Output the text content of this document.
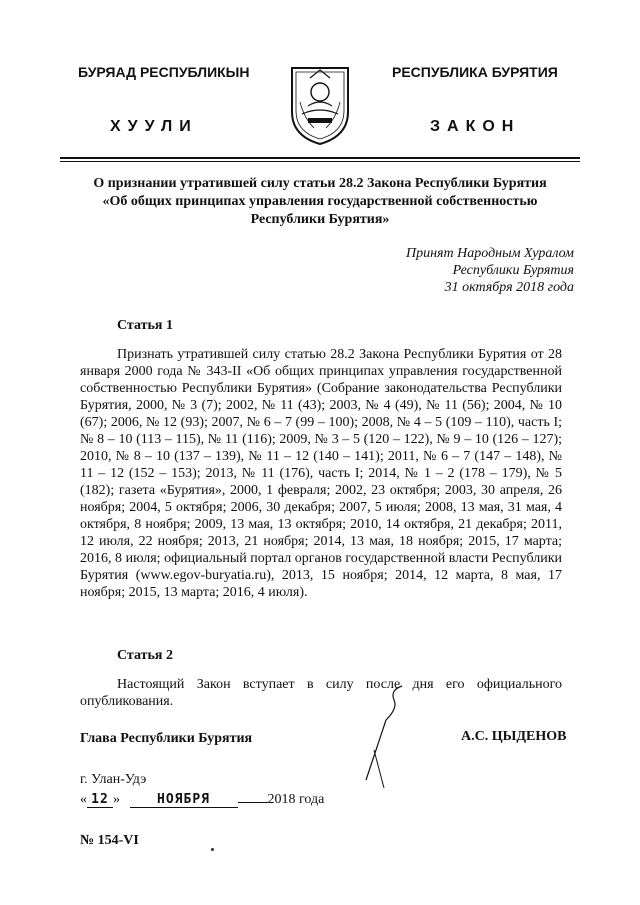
БУРЯАД РЕСПУБЛИКЫН
ХУУЛИ
РЕСПУБЛИКА БУРЯТИЯ
ЗАКОН
О признании утратившей силу статьи 28.2 Закона Республики Бурятия
«Об общих принципах управления государственной собственностью
Республики Бурятия»
Принят Народным Хуралом
Республики Бурятия
31 октября 2018 года
Статья 1
Признать утратившей силу статью 28.2 Закона Республики Бурятия от 28 января 2000 года № 343-II «Об общих принципах управления государственной собственностью Республики Бурятия» (Собрание законодательства Республики Бурятия, 2000, № 3 (7); 2002, № 11 (43); 2003, № 4 (49), № 11 (56); 2004, № 10 (67); 2006, № 12 (93); 2007, № 6 – 7 (99 – 100); 2008, № 4 – 5 (109 – 110), часть I; № 8 – 10 (113 – 115), № 11 (116); 2009, № 3 – 5 (120 – 122), № 9 – 10 (126 – 127); 2010, № 8 – 10 (137 – 139), № 11 – 12 (140 – 141); 2011, № 6 – 7 (147 – 148), № 11 – 12 (152 – 153); 2013, № 11 (176), часть I; 2014, № 1 – 2 (178 – 179), № 5 (182); газета «Бурятия», 2000, 1 февраля; 2002, 23 октября; 2003, 30 апреля, 26 ноября; 2004, 5 октября; 2006, 30 декабря; 2007, 5 июля; 2008, 13 мая, 31 мая, 4 октября, 8 ноября; 2009, 13 мая, 13 октября; 2010, 14 октября, 21 декабря; 2011, 12 июля, 22 ноября; 2013, 21 ноября; 2014, 13 мая, 18 ноября; 2015, 17 марта; 2016, 8 июля; официальный портал органов государственной власти Республики Бурятия (www.egov-buryatia.ru), 2013, 15 ноября; 2014, 12 марта, 8 мая, 17 ноября; 2015, 13 марта; 2016, 4 июля).
Статья 2
Настоящий Закон вступает в силу после дня его официального опубликования.
Глава Республики Бурятия	А.С. ЦЫДЕНОВ
г. Улан-Удэ
« 12 »	НОЯБРЯ	2018 года
№ 154-VI
